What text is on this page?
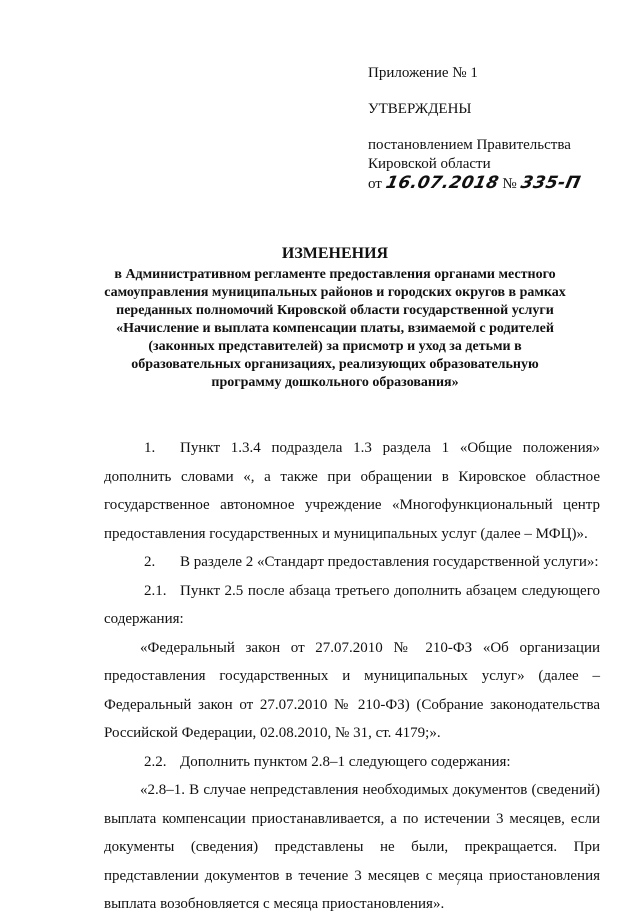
Приложение № 1

УТВЕРЖДЕНЫ

постановлением Правительства

Кировской области

от 16.07.2018 № 335-П

ИЗМЕНЕНИЯ

в Административном регламенте предоставления органами местного самоуправления муниципальных районов и городских округов в рамках переданных полномочий Кировской области государственной услуги «Начисление и выплата компенсации платы, взимаемой с родителей (законных представителей) за присмотр и уход за детьми в образовательных организациях, реализующих образовательную программу дошкольного образования»

1. Пункт 1.3.4 подраздела 1.3 раздела 1 «Общие положения» дополнить словами «, а также при обращении в Кировское областное государственное автономное учреждение «Многофункциональный центр предоставления государственных и муниципальных услуг (далее – МФЦ)».

2. В разделе 2 «Стандарт предоставления государственной услуги»:

2.1. Пункт 2.5 после абзаца третьего дополнить абзацем следующего содержания:

«Федеральный закон от 27.07.2010 № 210-ФЗ «Об организации предоставления государственных и муниципальных услуг» (далее – Федеральный закон от 27.07.2010 № 210-ФЗ) (Собрание законодательства Российской Федерации, 02.08.2010, № 31, ст. 4179;».

2.2. Дополнить пунктом 2.8–1 следующего содержания:

«2.8–1. В случае непредставления необходимых документов (сведений) выплата компенсации приостанавливается, а по истечении 3 месяцев, если документы (сведения) представлены не были, прекращается. При представлении документов в течение 3 месяцев с месяца приостановления выплата возобновляется с месяца приостановления».
